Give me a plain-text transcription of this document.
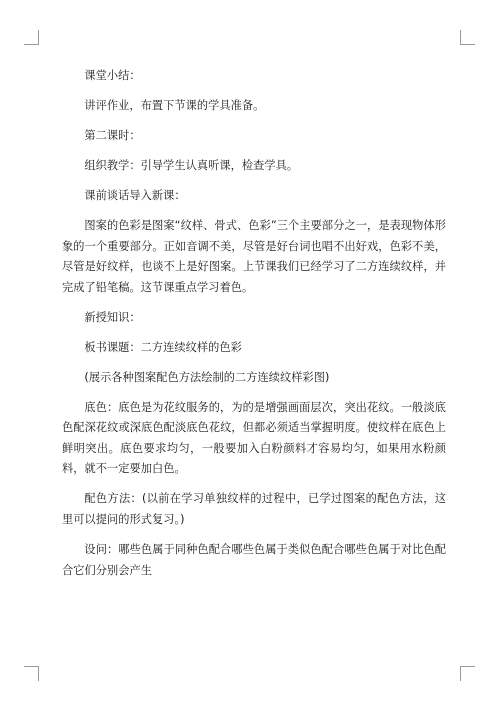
课堂小结：

讲评作业，布置下节课的学具准备。

第二课时：

组织教学：引导学生认真听课，检查学具。

课前谈话导入新课：

图案的色彩是图案“纹样、骨式、色彩”三个主要部分之一，是表现物体形象的一个重要部分。正如音调不美，尽管是好台词也唱不出好戏，色彩不美，尽管是好纹样，也谈不上是好图案。上节课我们已经学习了二方连续纹样，并完成了铅笔稿。这节课重点学习着色。

新授知识：

板书课题：二方连续纹样的色彩

(展示各种图案配色方法绘制的二方连续纹样彩图)

底色：底色是为花纹服务的，为的是增强画面层次，突出花纹。一般淡底色配深花纹或深底色配淡底色花纹，但都必须适当掌握明度。使纹样在底色上鲜明突出。底色要求均匀，一般要加入白粉颜料才容易均匀，如果用水粉颜料，就不一定要加白色。

配色方法：(以前在学习单独纹样的过程中，已学过图案的配色方法，这里可以提问的形式复习。)

设问：哪些色属于同种色配合哪些色属于类似色配合哪些色属于对比色配合它们分别会产生
